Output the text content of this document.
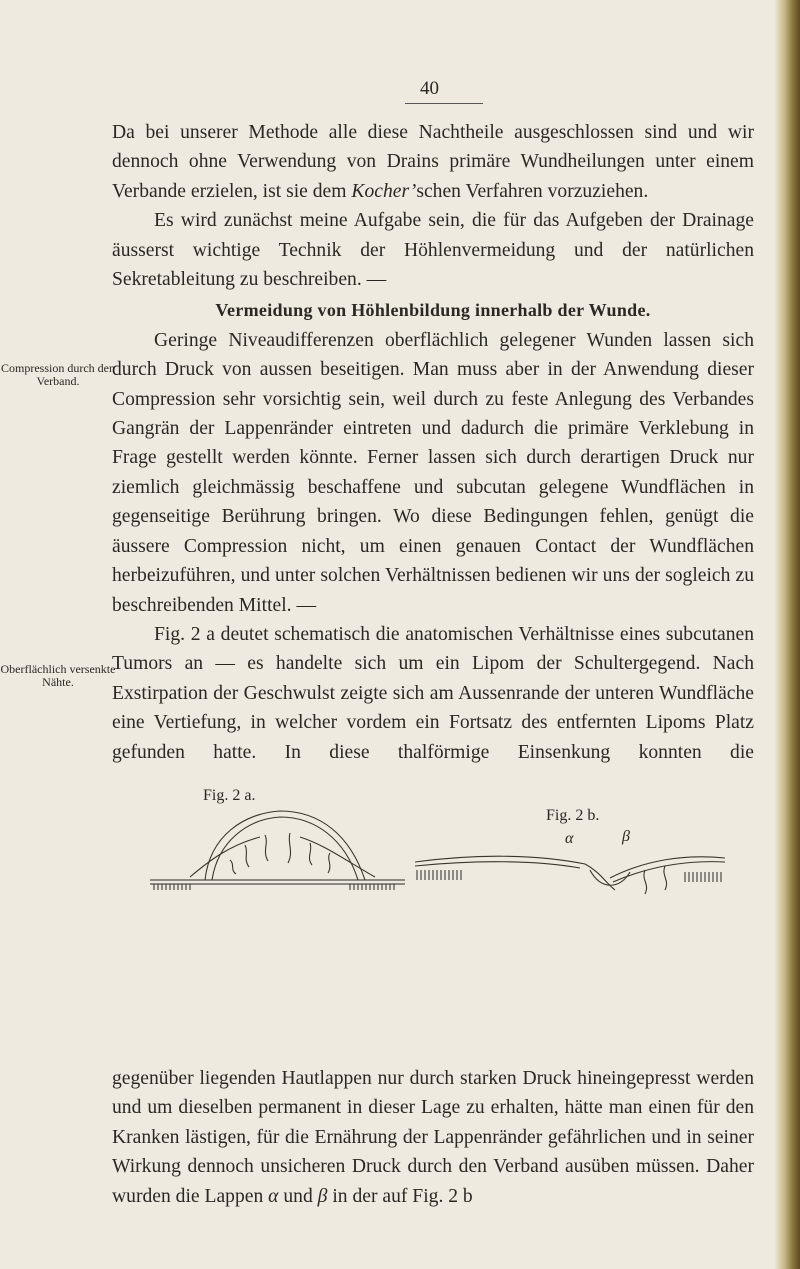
40
Compression durch den Verband.
Oberflächlich versenkte Nähte.

Da bei unserer Methode alle diese Nachtheile ausgeschlossen sind und wir dennoch ohne Verwendung von Drains primäre Wundheilungen unter einem Verbande erzielen, ist sie dem Kocher’schen Verfahren vorzuziehen.

Es wird zunächst meine Aufgabe sein, die für das Aufgeben der Drainage äusserst wichtige Technik der Höhlenvermeidung und der natürlichen Sekretableitung zu beschreiben. —

Vermeidung von Höhlenbildung innerhalb der Wunde.

Geringe Niveaudifferenzen oberflächlich gelegener Wunden lassen sich durch Druck von aussen beseitigen. Man muss aber in der Anwendung dieser Compression sehr vorsichtig sein, weil durch zu feste Anlegung des Verbandes Gangrän der Lappenränder eintreten und dadurch die primäre Verklebung in Frage gestellt werden könnte. Ferner lassen sich durch derartigen Druck nur ziemlich gleichmässig beschaffene und subcutan gelegene Wundflächen in gegenseitige Berührung bringen. Wo diese Bedingungen fehlen, genügt die äussere Compression nicht, um einen genauen Contact der Wundflächen herbeizuführen, und unter solchen Verhältnissen bedienen wir uns der sogleich zu beschreibenden Mittel. —

Fig. 2 a deutet schematisch die anatomischen Verhältnisse eines subcutanen Tumors an — es handelte sich um ein Lipom der Schultergegend. Nach Exstirpation der Geschwulst zeigte sich am Aussenrande der unteren Wundfläche eine Vertiefung, in welcher vordem ein Fortsatz des entfernten Lipoms Platz gefunden hatte. In diese thalförmige Einsenkung konnten die

Fig. 2 a.
Fig. 2 b.
α	β

gegenüber liegenden Hautlappen nur durch starken Druck hineingepresst werden und um dieselben permanent in dieser Lage zu erhalten, hätte man einen für den Kranken lästigen, für die Ernährung der Lappenränder gefährlichen und in seiner Wirkung dennoch unsicheren Druck durch den Verband ausüben müssen. Daher wurden die Lappen α und β in der auf Fig. 2 b
